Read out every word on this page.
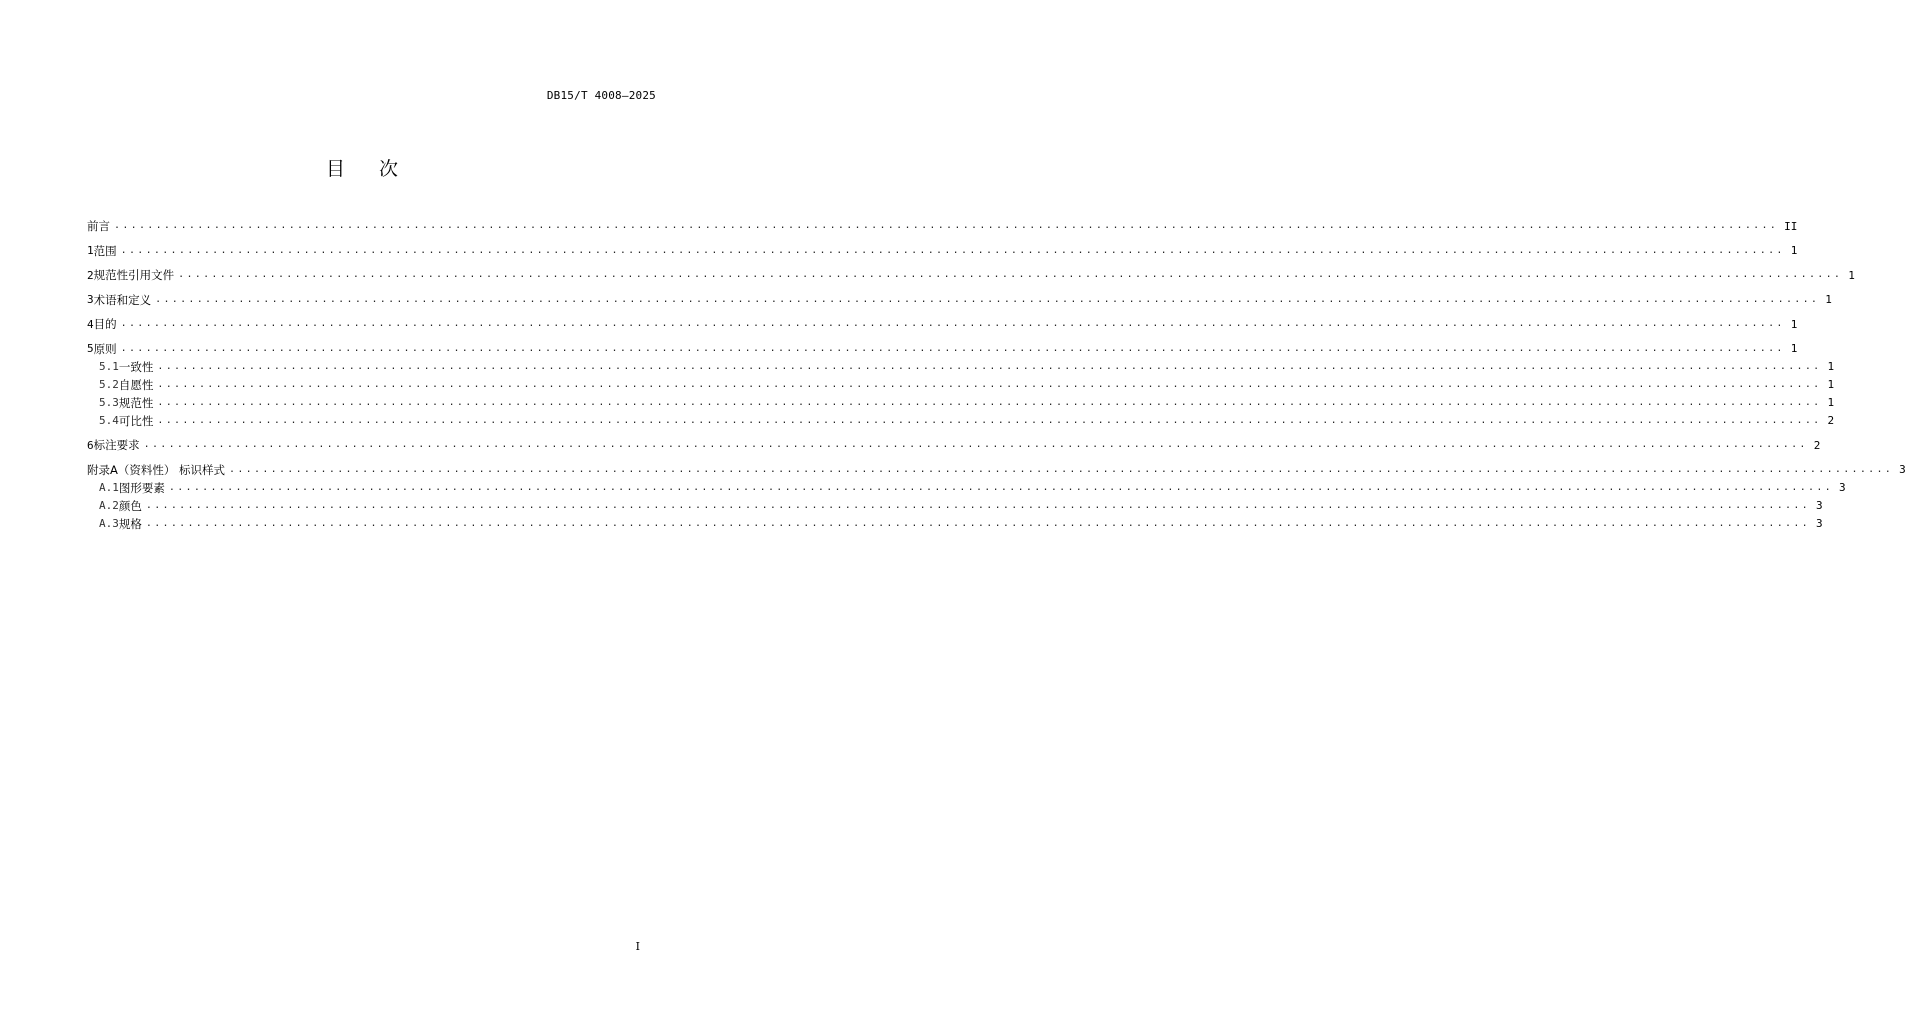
DB15/T 4008—2025
目次
前言 ........................................................................................................................................................................................................ II
1 范围 ........................................................................................................................................................................................................ 1
2 规范性引用文件 ........................................................................................................................................................................................................ 1
3 术语和定义 ........................................................................................................................................................................................................ 1
4 目的 ........................................................................................................................................................................................................ 1
5 原则 ........................................................................................................................................................................................................ 1
5.1 一致性 ........................................................................................................................................................................................................ 1
5.2 自愿性 ........................................................................................................................................................................................................ 1
5.3 规范性 ........................................................................................................................................................................................................ 1
5.4 可比性 ........................................................................................................................................................................................................ 2
6 标注要求 ........................................................................................................................................................................................................ 2
附录A（资料性） 标识样式 ........................................................................................................................................................................................................ 3
A.1 图形要素 ........................................................................................................................................................................................................ 3
A.2 颜色 ........................................................................................................................................................................................................ 3
A.3 规格 ........................................................................................................................................................................................................ 3
I
